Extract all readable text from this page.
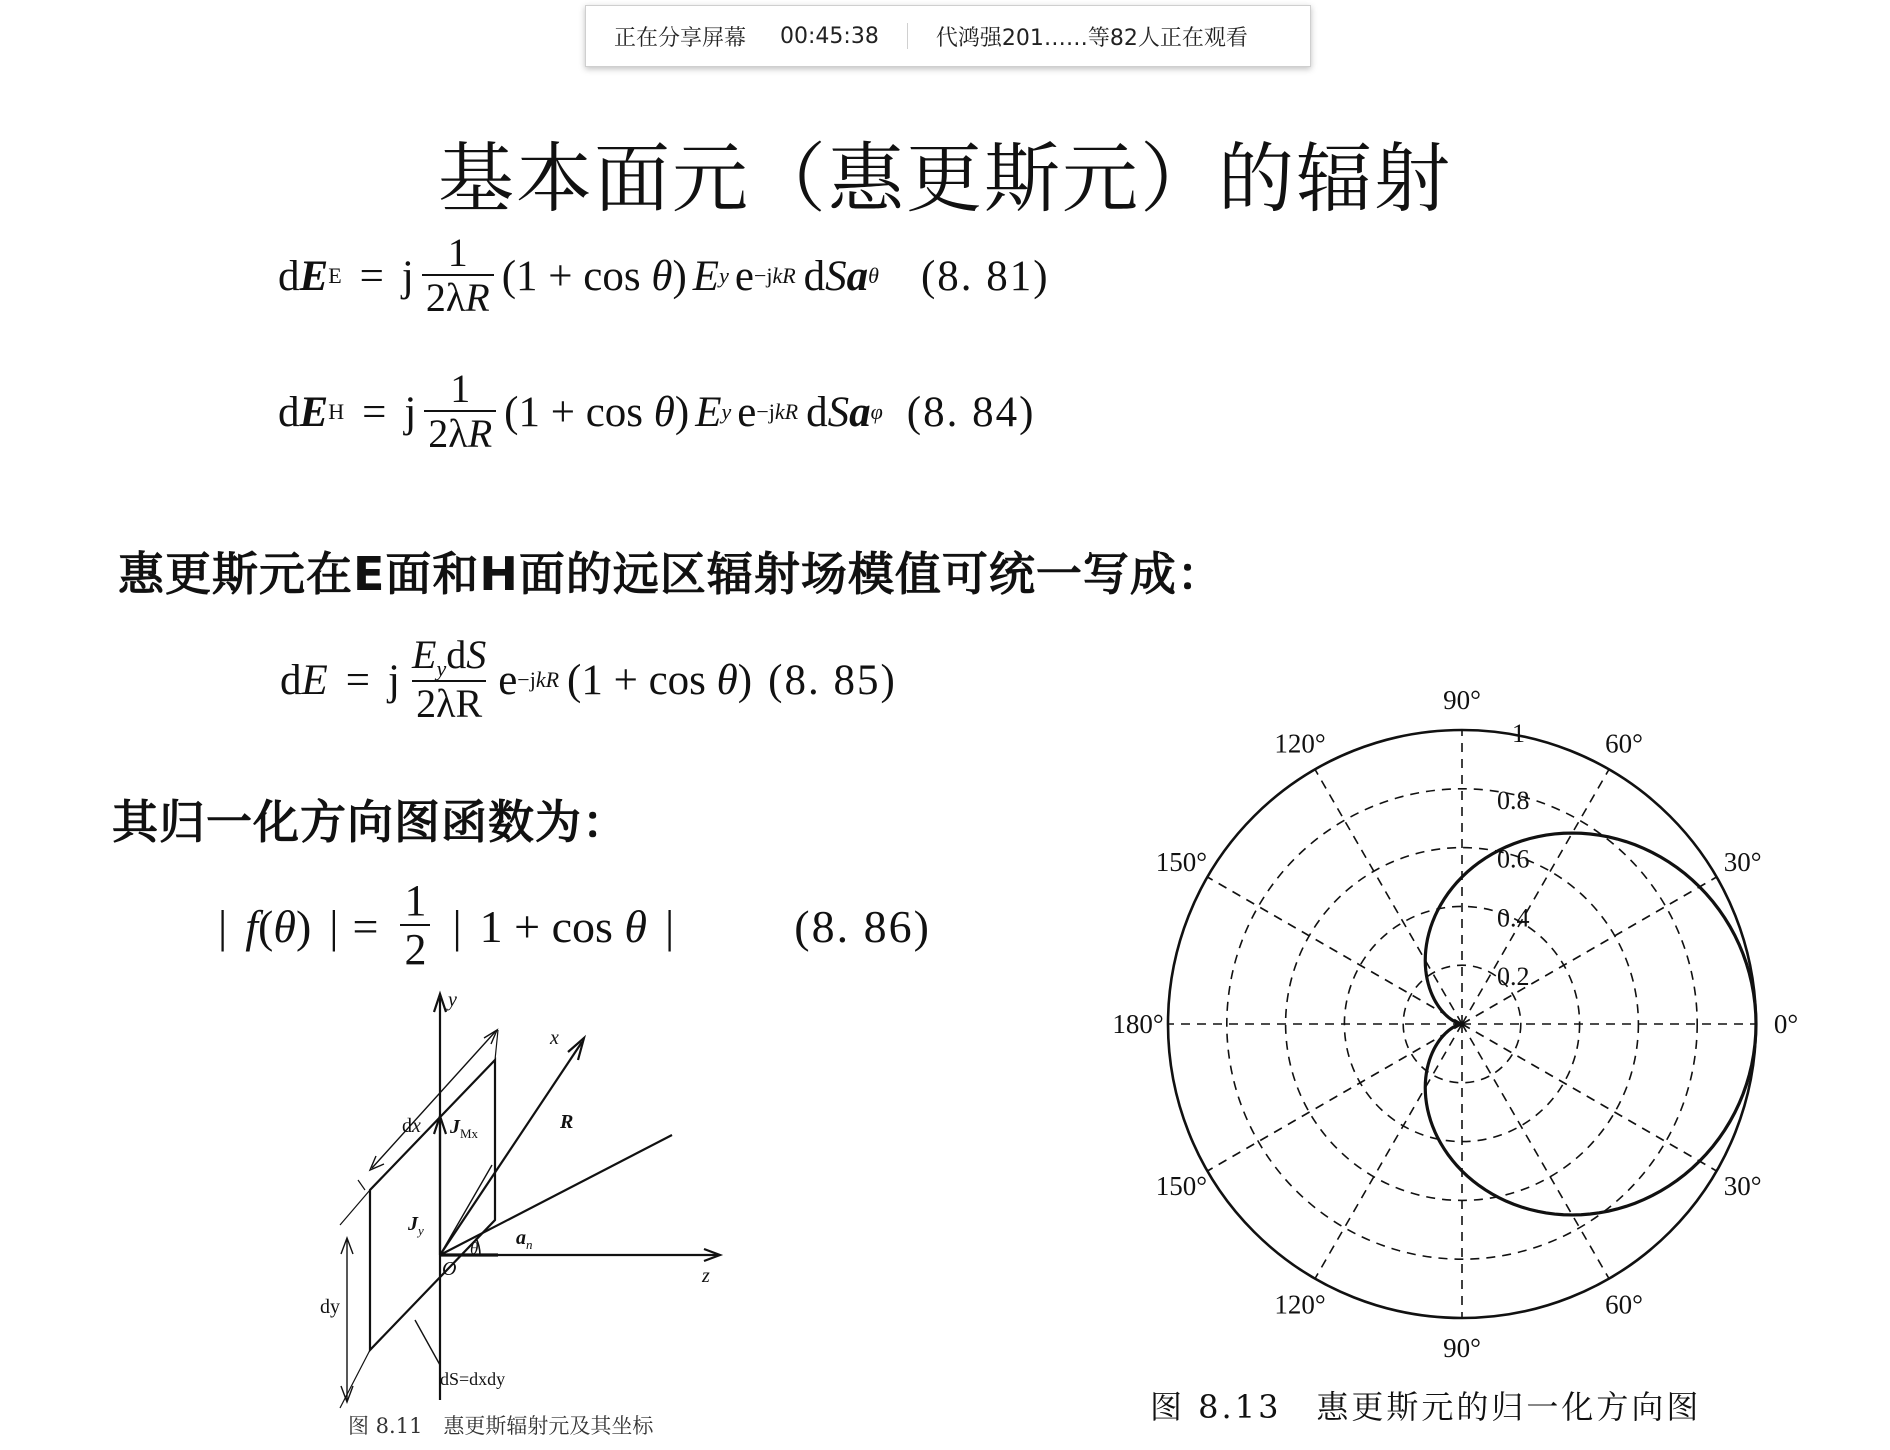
正在分享屏幕	00:45:38	代鸿强201……等82人正在观看
基本面元（惠更斯元）的辐射
d E E = j $\frac{1}{2\lambda R} (1 + \cos \theta)$ E y e −jkR d S a θ (8. 81)
d E H = j $\frac{1}{2\lambda R} (1 + \cos \theta)$ E y e −jkR d S a φ (8. 84)
惠更斯元在E面和H面的远区辐射场模值可统一写成：
d E = j $\frac{E_ydS}{2\lambda R}$ e −jkR (1 + cos θ) (8. 85)
其归一化方向图函数为：
| f (θ) | = $\frac{1}{2}$ | 1 + cos θ |	(8. 86)
y
x
z
R
O
θ
dx
dy
dS=dxdy
$J_{Mx}$
$J_y$	$a_n$
图 8.11　惠更斯辐射元及其坐标
90°
60°
30°
0°
30°
60°
90°
120°
150°
180°
150°
120°	1
0.8
0.6
0.4
0.2
图 8.13　惠更斯元的归一化方向图
